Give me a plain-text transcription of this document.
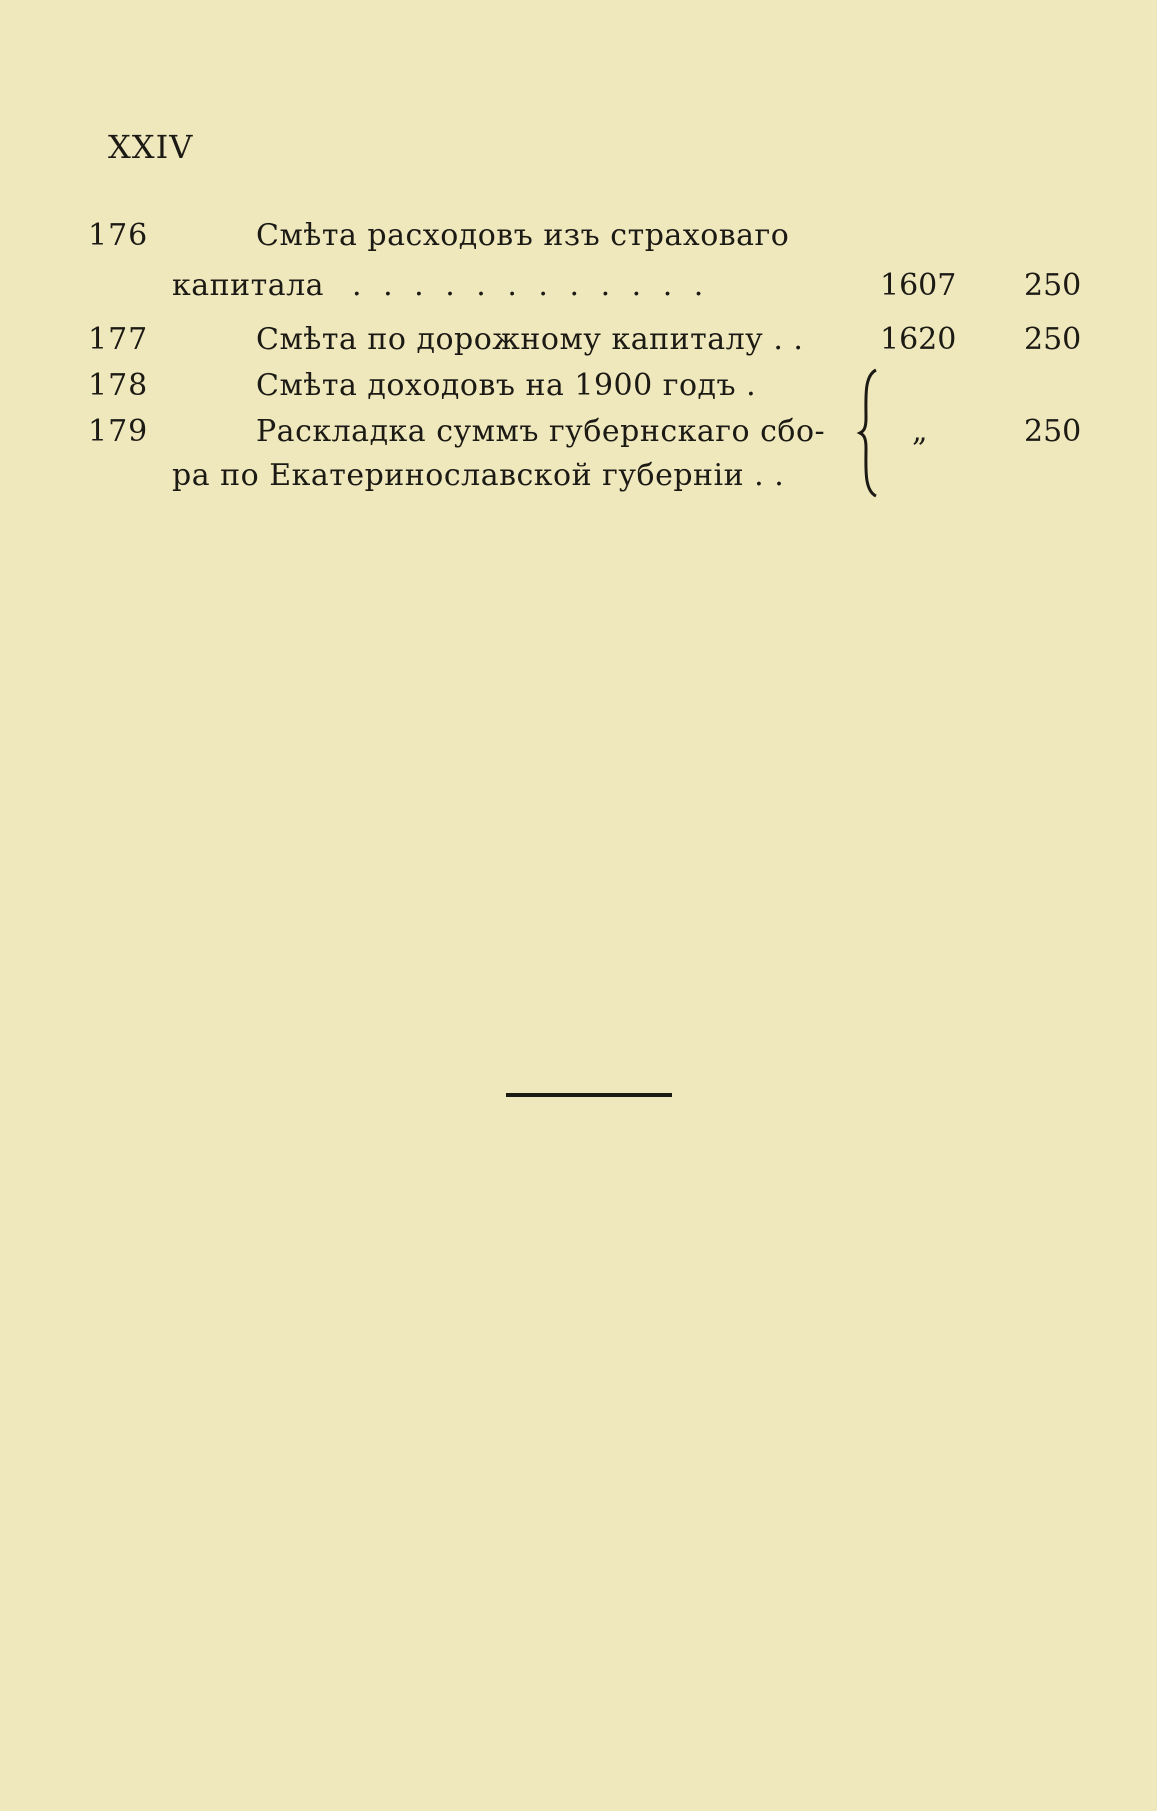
XXIV
176	Смѣта расходовъ изъ страховаго
капитала . . . . . . . . . . . .	1607 250
177	Смѣта по дорожному капиталу . .	1620 250
178	Смѣта доходовъ на 1900 годъ .
179	Раскладка суммъ губернскаго сбо-
ра по Екатеринославской губерніи . .
„	250
